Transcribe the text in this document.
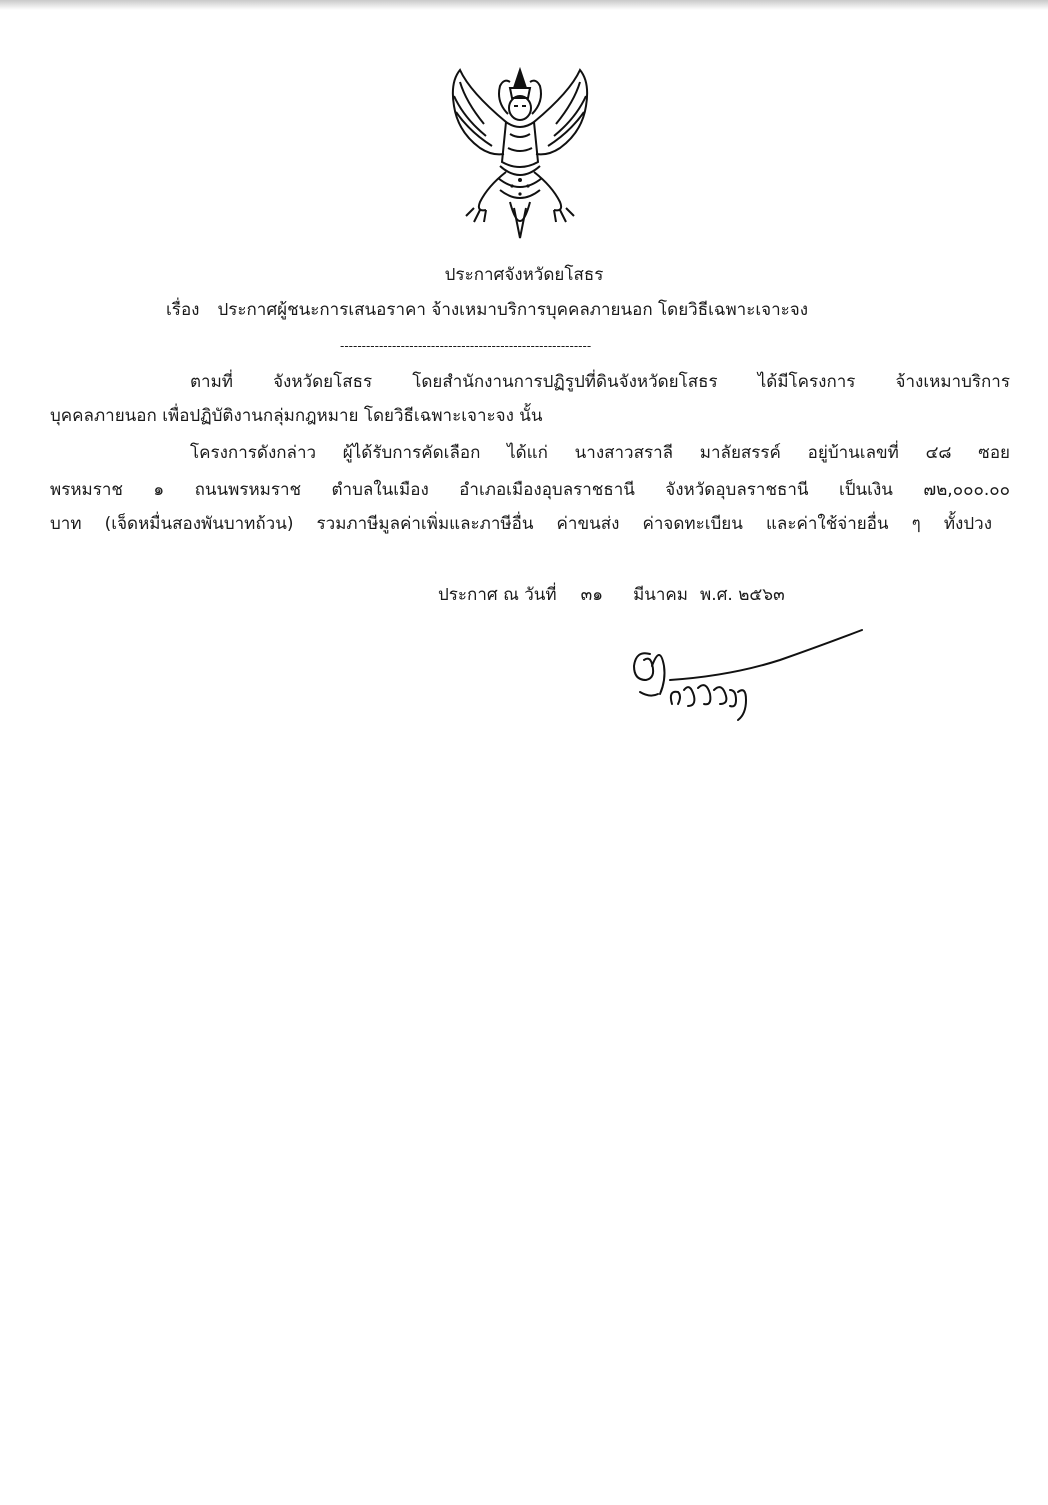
ประกาศจังหวัดยโสธร
เรื่อง ประกาศผู้ชนะการเสนอราคา จ้างเหมาบริการบุคคลภายนอก โดยวิธีเฉพาะเจาะจง
----------------------------------------------------------
ตามที่ จังหวัดยโสธร โดยสำนักงานการปฏิรูปที่ดินจังหวัดยโสธร ได้มีโครงการ จ้างเหมาบริการ
บุคคลภายนอก เพื่อปฏิบัติงานกลุ่มกฎหมาย โดยวิธีเฉพาะเจาะจง นั้น
โครงการดังกล่าว ผู้ได้รับการคัดเลือก ได้แก่ นางสาวสราลี มาลัยสรรค์ อยู่บ้านเลขที่ ๔๘ ซอย
พรหมราช ๑ ถนนพรหมราช ตำบลในเมือง อำเภอเมืองอุบลราชธานี จังหวัดอุบลราชธานี เป็นเงิน ๗๒,๐๐๐.๐๐
บาท (เจ็ดหมื่นสองพันบาทถ้วน) รวมภาษีมูลค่าเพิ่มและภาษีอื่น ค่าขนส่ง ค่าจดทะเบียน และค่าใช้จ่ายอื่น ๆ ทั้งปวง
ประกาศ ณ วันที่ ๓๑ มีนาคม พ.ศ. ๒๕๖๓
